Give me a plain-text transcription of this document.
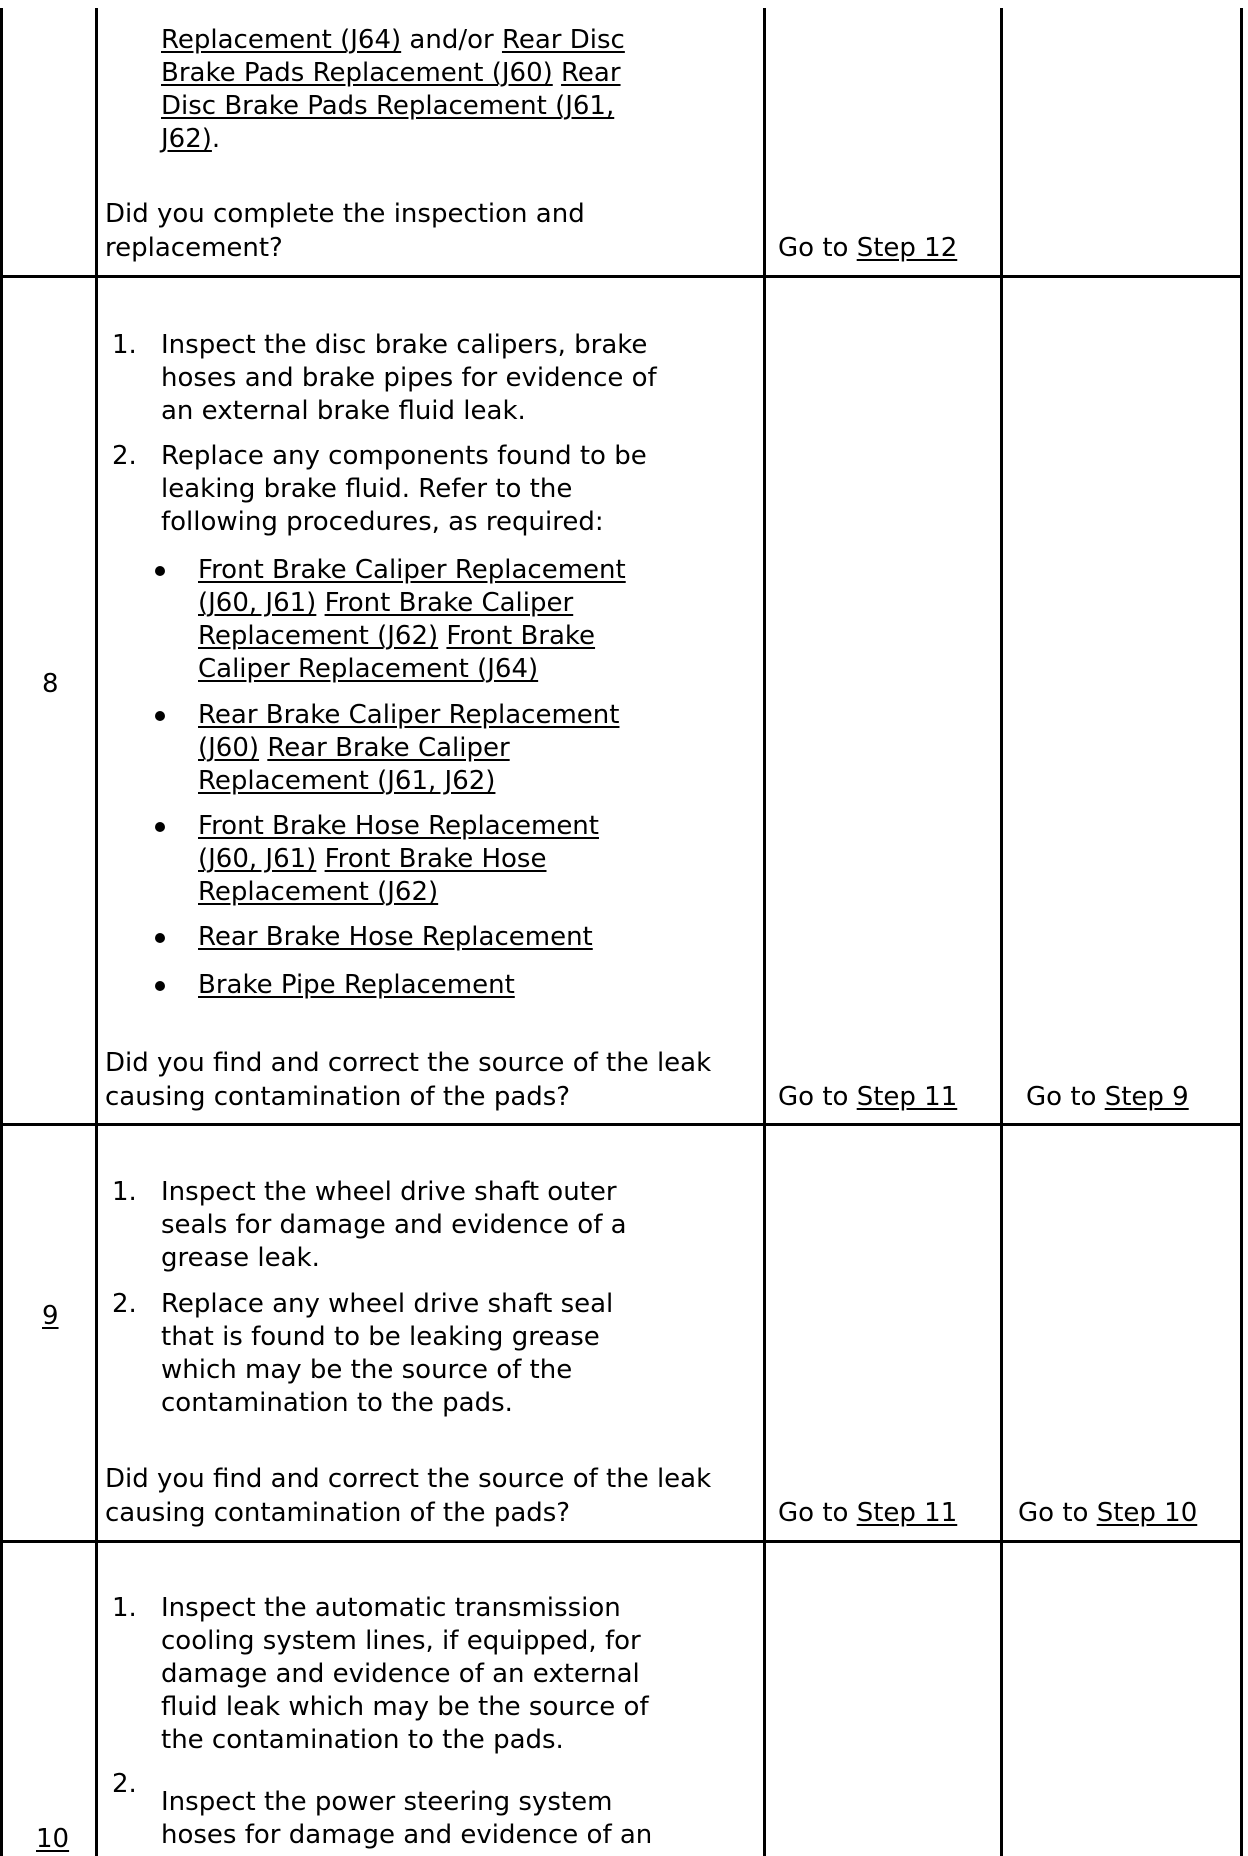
Replacement (J64) and/or Rear Disc
Brake Pads Replacement (J60) Rear
Disc Brake Pads Replacement (J61,
J62).
Did you complete the inspection and
replacement?	Go to Step 12
8
1. Inspect the disc brake calipers, brake
hoses and brake pipes for evidence of
an external brake fluid leak.
2. Replace any components found to be
leaking brake fluid. Refer to the
following procedures, as required:
Front Brake Caliper Replacement
(J60, J61) Front Brake Caliper
Replacement (J62) Front Brake
Caliper Replacement (J64)
Rear Brake Caliper Replacement
(J60) Rear Brake Caliper
Replacement (J61, J62)
Front Brake Hose Replacement
(J60, J61) Front Brake Hose
Replacement (J62)
Rear Brake Hose Replacement
Brake Pipe Replacement
Did you find and correct the source of the leak
causing contamination of the pads?	Go to Step 11	Go to Step 9
9
1. Inspect the wheel drive shaft outer
seals for damage and evidence of a
grease leak.
2. Replace any wheel drive shaft seal
that is found to be leaking grease
which may be the source of the
contamination to the pads.
Did you find and correct the source of the leak
causing contamination of the pads?	Go to Step 11 Go to Step 10
10
1. Inspect the automatic transmission
cooling system lines, if equipped, for
damage and evidence of an external
fluid leak which may be the source of
the contamination to the pads.
2.
Inspect the power steering system
hoses for damage and evidence of an
